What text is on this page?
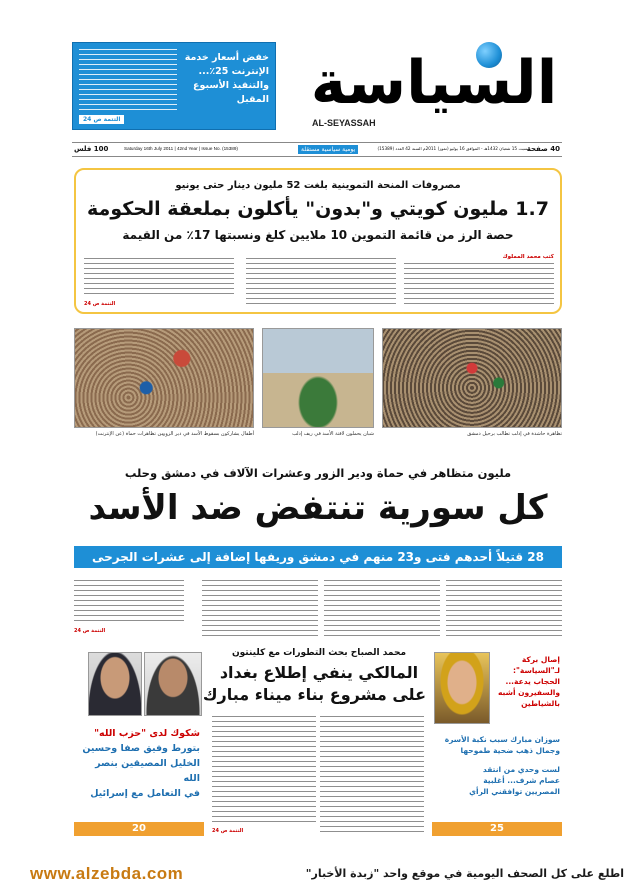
خفض أسعار خدمة
الإنترنت 25٪...
والتنفيذ الأسبوع المقبل
التتمة ص 24
السياسة
AL-SEYASSAH
100 فلس	Saturday 16th July 2011 | 42nd Year | Issue No. (15389)	يومية سياسية مستقلة	السبت 15 شعبان 1432هـ - الموافق 16 يوليو (تموز) 2011م السنة 42 العدد (15389)
40 صفحة
مصروفات المنحة التموينية بلغت 52 مليون دينار حتى يونيو
1.7 مليون كويتي و"بدون" يأكلون بملعقة الحكومة
حصة الرز من قائمة التموين 10 ملايين كلغ ونسبتها 17٪ من القيمة
كتب محمد المملوك
التتمة ص 24
من تظاهرات حماة (عن الإنترنت)
أطفال يشاركون بسقوط الأسد في دير الزور	شبان يحملون لافتة الأسد في ريف إدلب	تظاهرة حاشدة في إدلب تطالب برحيل دمشق
مليون متظاهر في حماة ودير الزور وعشرات الآلاف في دمشق وحلب
كل سورية تنتفض ضد الأسد
28 قتيلاً أحدهم فتى و23 منهم في دمشق وريفها إضافة إلى عشرات الجرحى
التتمة ص 24
شكوك لدى "حزب الله"
بتورط وفيق صفا وحسين
الخليل المصيقين بنصر الله
في التعامل مع إسرائيل
20
محمد الصباح بحث التطورات مع كلينتون
المالكي ينفي إطلاع بغداد
على مشروع بناء ميناء مبارك
التتمة ص 24
إصال بركة
لـ"السياسة":
الحجاب يدعة...
والسفيرون أشبه
بالشياطين
سوزان مبارك سبب نكبة الأسرة
وجمال ذهب ضحية طموحها
لست وحدي من انتقد
عصام شرف... أغلبية
المصريين توافقني الرأي
25
www.alzebda.com	اطلع على كل الصحف اليومية في موقع واحد "زبدة الأخبار"
